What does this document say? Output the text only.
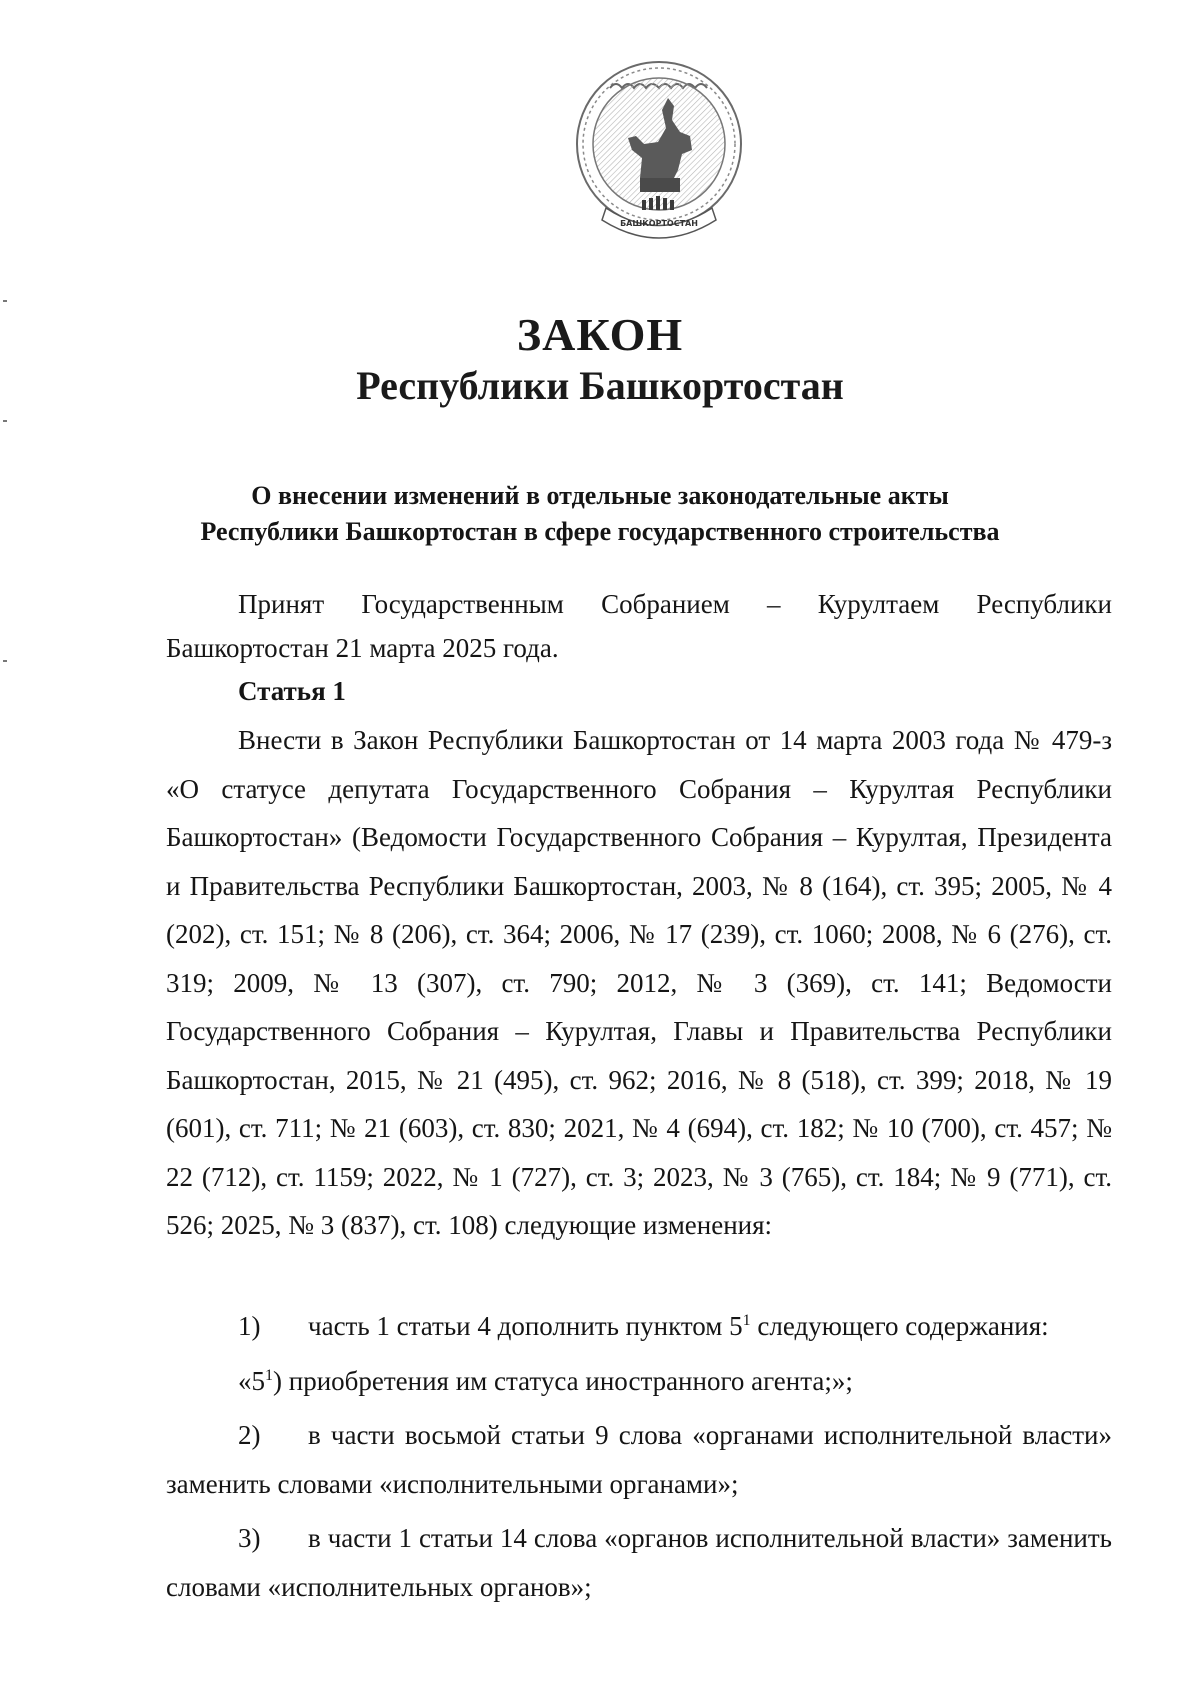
БАШКОРТОСТАН
ЗАКОН
Республики Башкортостан
О внесении изменений в отдельные законодательные акты
Республики Башкортостан в сфере государственного строительства
Принят Государственным Собранием – Курултаем Республики Башкортостан 21 марта 2025 года.
Статья 1
Внести в Закон Республики Башкортостан от 14 марта 2003 года № 479-з «О статусе депутата Государственного Собрания – Курултая Республики Башкортостан» (Ведомости Государственного Собрания – Курултая, Президента и Правительства Республики Башкортостан, 2003, № 8 (164), ст. 395; 2005, № 4 (202), ст. 151; № 8 (206), ст. 364; 2006, № 17 (239), ст. 1060; 2008, № 6 (276), ст. 319; 2009, № 13 (307), ст. 790; 2012, № 3 (369), ст. 141; Ведомости Государственного Собрания – Курултая, Главы и Правительства Республики Башкортостан, 2015, № 21 (495), ст. 962; 2016, № 8 (518), ст. 399; 2018, № 19 (601), ст. 711; № 21 (603), ст. 830; 2021, № 4 (694), ст. 182; № 10 (700), ст. 457; № 22 (712), ст. 1159; 2022, № 1 (727), ст. 3; 2023, № 3 (765), ст. 184; № 9 (771), ст. 526; 2025, № 3 (837), ст. 108) следующие изменения:
1) часть 1 статьи 4 дополнить пунктом $5^1$ следующего содержания:
«$5^1$) приобретения им статуса иностранного агента;»;
2) в части восьмой статьи 9 слова «органами исполнительной власти» заменить словами «исполнительными органами»;
3) в части 1 статьи 14 слова «органов исполнительной власти» заменить словами «исполнительных органов»;
